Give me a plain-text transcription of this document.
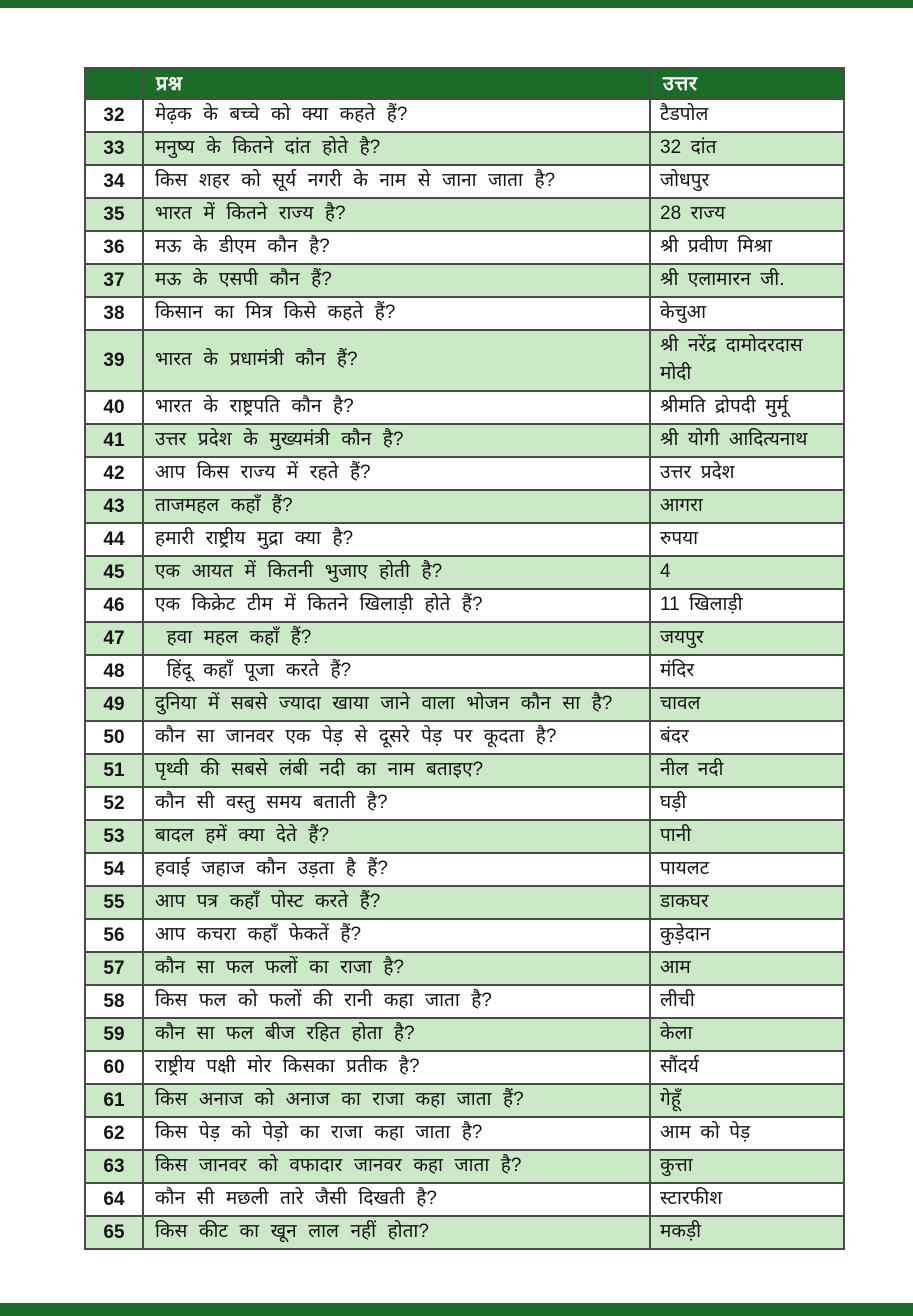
	प्रश्न	उत्तर
32	मेढ़क के बच्चे को क्या कहते हैं?	टैडपोल
33	मनुष्य के कितने दांत होते है?	32 दांत
34	किस शहर को सूर्य नगरी के नाम से जाना जाता है?	जोधपुर
35	भारत में कितने राज्य है?	28 राज्य
36	मऊ के डीएम कौन है?	श्री प्रवीण मिश्रा
37	मऊ के एसपी कौन हैं?	श्री एलामारन जी.
38	किसान का मित्र किसे कहते हैं?	केचुआ
39	भारत के प्रधामंत्री कौन हैं?	श्री नरेंद्र दामोदरदास मोदी
40	भारत के राष्ट्रपति कौन है?	श्रीमति द्रोपदी मुर्मू
41	उत्तर प्रदेश के मुख्यमंत्री कौन है?	श्री योगी आदित्यनाथ
42	आप किस राज्य में रहते हैं?	उत्तर प्रदेश
43	ताजमहल कहाँ हैं?	आगरा
44	हमारी राष्ट्रीय मुद्रा क्या है?	रुपया
45	एक आयत में कितनी भुजाए होती है?	4
46	एक किक्रेट टीम में कितने खिलाड़ी होते हैं?	11 खिलाड़ी
47	हवा महल कहाँ हैं?	जयपुर
48	हिंदू कहाँ पूजा करते हैं?	मंदिर
49	दुनिया में सबसे ज्यादा खाया जाने वाला भोजन कौन सा है?	चावल
50	कौन सा जानवर एक पेड़ से दूसरे पेड़ पर कूदता है?	बंदर
51	पृथ्वी की सबसे लंबी नदी का नाम बताइए?	नील नदी
52	कौन सी वस्तु समय बताती है?	घड़ी
53	बादल हमें क्या देते हैं?	पानी
54	हवाई जहाज कौन उड़ता है हैं?	पायलट
55	आप पत्र कहाँ पोस्ट करते हैं?	डाकघर
56	आप कचरा कहाँ फेकतें हैं?	कुड़ेदान
57	कौन सा फल फलों का राजा है?	आम
58	किस फल को फलों की रानी कहा जाता है?	लीची
59	कौन सा फल बीज रहित होता है?	केला
60	राष्ट्रीय पक्षी मोर किसका प्रतीक है?	सौंदर्य
61	किस अनाज को अनाज का राजा कहा जाता हैं?	गेहूँ
62	किस पेड़ को पेड़ो का राजा कहा जाता है?	आम को पेड़
63	किस जानवर को वफादार जानवर कहा जाता है?	कुत्ता
64	कौन सी मछली तारे जैसी दिखती है?	स्टारफीश
65	किस कीट का खून लाल नहीं होता?	मकड़ी
